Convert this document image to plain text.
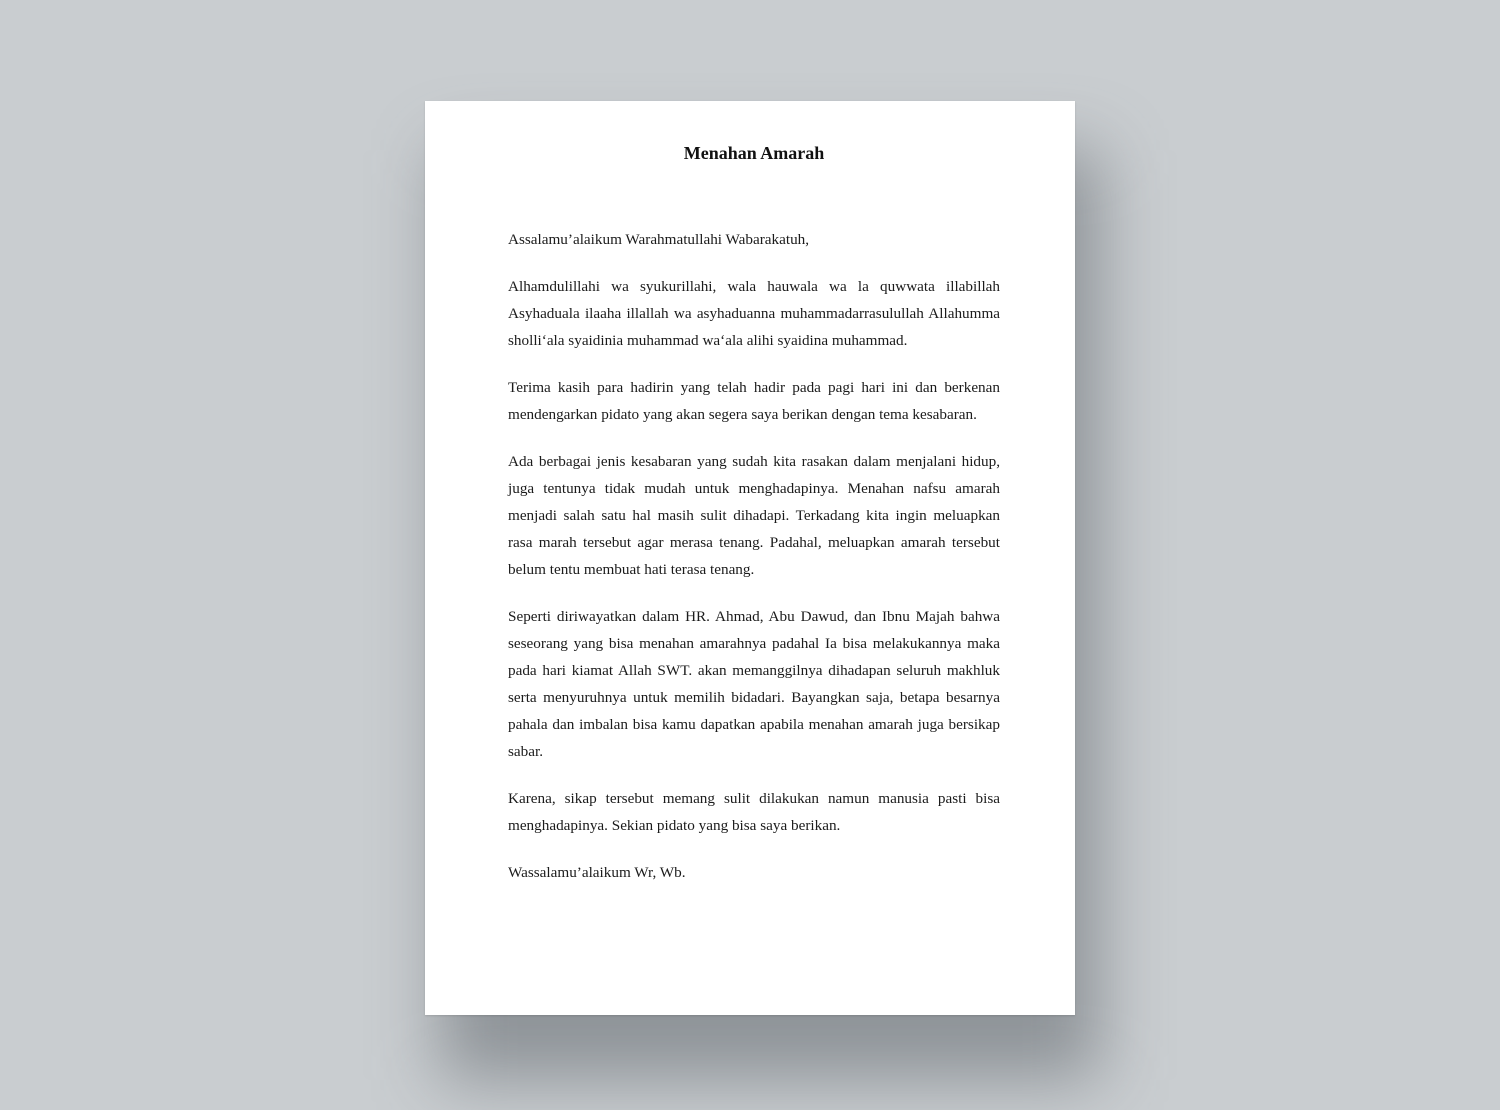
Menahan Amarah

Assalamu’alaikum Warahmatullahi Wabarakatuh,

Alhamdulillahi wa syukurillahi, wala hauwala wa la quwwata illabillah Asyhaduala ilaaha illallah wa asyhaduanna muhammadarrasulullah Allahumma sholli‘ala syaidinia muhammad wa‘ala alihi syaidina muhammad.

Terima kasih para hadirin yang telah hadir pada pagi hari ini dan berkenan mendengarkan pidato yang akan segera saya berikan dengan tema kesabaran.

Ada berbagai jenis kesabaran yang sudah kita rasakan dalam menjalani hidup, juga tentunya tidak mudah untuk menghadapinya. Menahan nafsu amarah menjadi salah satu hal masih sulit dihadapi. Terkadang kita ingin meluapkan rasa marah tersebut agar merasa tenang. Padahal, meluapkan amarah tersebut belum tentu membuat hati terasa tenang.

Seperti diriwayatkan dalam HR. Ahmad, Abu Dawud, dan Ibnu Majah bahwa seseorang yang bisa menahan amarahnya padahal Ia bisa melakukannya maka pada hari kiamat Allah SWT. akan memanggilnya dihadapan seluruh makhluk serta menyuruhnya untuk memilih bidadari. Bayangkan saja, betapa besarnya pahala dan imbalan bisa kamu dapatkan apabila menahan amarah juga bersikap sabar.

Karena, sikap tersebut memang sulit dilakukan namun manusia pasti bisa menghadapinya. Sekian pidato yang bisa saya berikan.

Wassalamu’alaikum Wr, Wb.
